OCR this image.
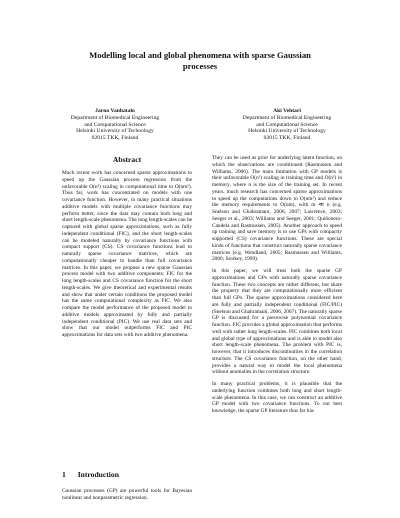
Modelling local and global phenomena with sparse Gaussian
processes
Jarno Vanhatalo
Department of Biomedical Engineering
and Computational Science
Helsinki University of Technology
02015 TKK, Finland
Aki Vehtari
Department of Biomedical Engineering
and Computational Science
Helsinki University of Technology
02015 TKK, Finland
Abstract

Much recent work has concerned sparse approximations to speed up the Gaussian process regression from the unfavorable O(n³) scaling in computational time to O(nm²). Thus far, work has concentrated on models with one covariance function. However, in many practical situations additive models with multiple covariance functions may perform better, since the data may contain both long and short length-scale phenomena. The long length-scales can be captured with global sparse approximations, such as fully independent conditional (FIC), and the short length-scales can be modeled naturally by covariance functions with compact support (CS). CS covariance functions lead to naturally sparse covariance matrices, which are computationally cheaper to handle than full covariance matrices. In this paper, we propose a new sparse Gaussian process model with two additive components: FIC for the long length-scales and CS covariance function for the short length-scales. We give theoretical and experimental results and show that under certain conditions the proposed model has the same computational complexity as FIC. We also compare the model performance of the proposed model to additive models approximated by fully and partially independent conditional (PIC). We use real data sets and show that our model outperforms FIC and PIC approximations for data sets with two additive phenomena.

1 Introduction

Gaussian processes (GP) are powerful tools for Bayesian nonlinear and nonparametric regression.

They can be used as prior for underlying latent function, on which the observations are conditioned (Rasmussen and Williams, 2006). The main limitation with GP models is their unfavorable O(n³) scaling in training time and O(n²) in memory, where n is the size of the training set. In recent years, much research has concerned sparse approximations to speed up the computations down to O(nm²) and reduce the memory requirements to O(nm), with m ≪ n (e.g. Snelson and Ghahramani, 2006, 2007; Lawrence, 2003; Seeger et al., 2003; Williams and Seeger, 2001; Quiñonero-Candela and Rasmussen, 2005). Another approach to speed up training and save memory is to use GPs with compactly supported (CS) covariance functions. These are special kinds of functions that construct naturally sparse covariance matrices (e.g. Wendland, 2005; Rasmussen and Williams, 2006; Storkey, 1999).

In this paper, we will treat both the sparse GP approximations and GPs with naturally sparse covariance function. These two concepts are rather different, but share the property that they are computationally more efficient than full GPs. The sparse approximations considered here are fully and partially independent conditional (FIC/PIC) (Snelson and Ghahramani, 2006, 2007). The naturally sparse GP is discussed for a piecewise polynomial covariance function. FIC provides a global approximation that performs well with rather long length-scales. PIC combines both local and global type of approximations and is able to model also short length-scale phenomena. The problem with PIC is, however, that it introduces discontinuities in the correlation structure. The CS covariance function, on the other hand, provides a natural way to model the local phenomena without anomalies in the correlation structure.

In many practical problems, it is plausible that the underlying function combines both long and short length-scale phenomena. In this case, we can construct an additive GP model with two covariance functions. To our best knowledge, the sparse GP literature thus far has
